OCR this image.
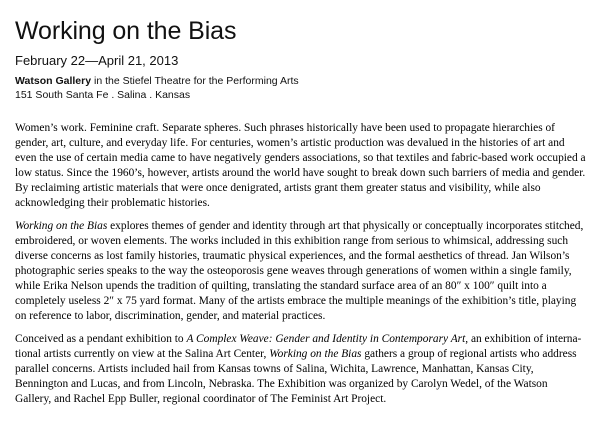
Working on the Bias
February 22—April 21, 2013
Watson Gallery in the Stiefel Theatre for the Performing Arts
151 South Santa Fe . Salina . Kansas

Women’s work. Feminine craft. Separate spheres. Such phrases historically have been used to propagate hierarchies of gender, art, culture, and everyday life. For centuries, women’s artistic production was devalued in the histories of art and even the use of certain media came to have negatively genders associations, so that textiles and fabric-based work occupied a low status. Since the 1960’s, however, artists around the world have sought to break down such barriers of media and gender. By reclaiming artistic materials that were once denigrated, artists grant them greater status and visibility, while also acknowledging their problematic histories.

Working on the Bias explores themes of gender and identity through art that physically or conceptually incorporates stitched, embroidered, or woven elements. The works included in this exhibition range from serious to whimsical, addressing such diverse concerns as lost family histories, traumatic physical experiences, and the formal aesthetics of thread. Jan Wilson’s photographic series speaks to the way the osteoporosis gene weaves through generations of women within a single family, while Erika Nelson upends the tradition of quilting, translating the standard surface area of an 80″ x 100″ quilt into a completely useless 2″ x 75 yard format. Many of the artists embrace the multiple meanings of the exhibition’s title, playing on reference to labor, discrimination, gender, and material practices.

Conceived as a pendant exhibition to A Complex Weave: Gender and Identity in Contemporary Art, an exhibition of interna-tional artists currently on view at the Salina Art Center, Working on the Bias gathers a group of regional artists who address parallel concerns. Artists included hail from Kansas towns of Salina, Wichita, Lawrence, Manhattan, Kansas City, Bennington and Lucas, and from Lincoln, Nebraska. The Exhibition was organized by Carolyn Wedel, of the Watson Gallery, and Rachel Epp Buller, regional coordinator of The Feminist Art Project.
